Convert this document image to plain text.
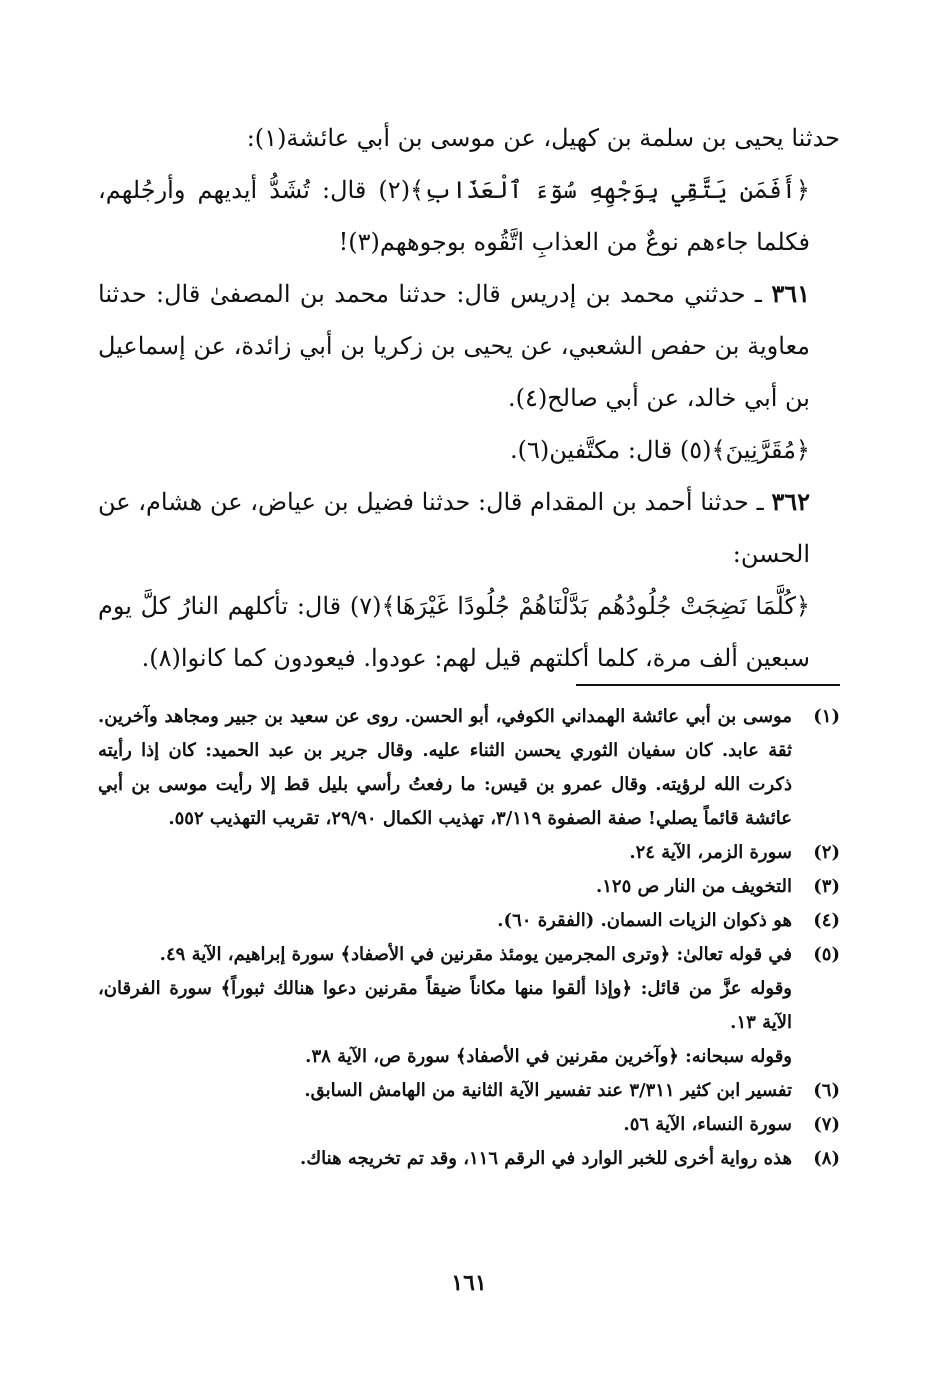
حدثنا يحيى بن سلمة بن كهيل، عن موسى بن أبي عائشة(١):

﴿أَفَمَن يَتَّقِي بِوَجْهِهِ سُوٓءَ ٱلْعَذَابِ﴾(٢) قال: تُشَدُّ أيديهم وأرجُلهم، فكلما جاءهم نوعٌ من العذابِ اتَّقُوه بوجوههم(٣)!

٣٦١ ـ حدثني محمد بن إدريس قال: حدثنا محمد بن المصفىٰ قال: حدثنا معاوية بن حفص الشعبي، عن يحيى بن زكريا بن أبي زائدة، عن إسماعيل بن أبي خالد، عن أبي صالح(٤).

﴿مُقَرَّنِينَ﴾(٥) قال: مكتَّفين(٦).

٣٦٢ ـ حدثنا أحمد بن المقدام قال: حدثنا فضيل بن عياض، عن هشام، عن الحسن:

﴿كُلَّمَا نَضِجَتْ جُلُودُهُم بَدَّلْنَاهُمْ جُلُودًا غَيْرَهَا﴾(٧) قال: تأكلهم النارُ كلَّ يوم سبعين ألف مرة، كلما أكلتهم قيل لهم: عودوا. فيعودون كما كانوا(٨).

(١)
موسى بن أبي عائشة الهمداني الكوفي، أبو الحسن. روى عن سعيد بن جبير ومجاهد وآخرين. ثقة عابد. كان سفيان الثوري يحسن الثناء عليه. وقال جرير بن عبد الحميد: كان إذا رأيته ذكرت الله لرؤيته. وقال عمرو بن قيس: ما رفعتُ رأسي بليل قط إلا رأيت موسى بن أبي عائشة قائماً يصلي! صفة الصفوة ٣/١١٩، تهذيب الكمال ٢٩/٩٠، تقريب التهذيب ٥٥٢.
(٢)
سورة الزمر، الآية ٢٤.
(٣)
التخويف من النار ص ١٢٥.
(٤)
هو ذكوان الزيات السمان. (الفقرة ٦٠).
(٥)
في قوله تعالىٰ: ﴿وترى المجرمين يومئذ مقرنين في الأصفاد﴾ سورة إبراهيم، الآية ٤٩.
وقوله عزَّ من قائل: ﴿وإذا ألقوا منها مكاناً ضيقاً مقرنين دعوا هنالك ثبوراً﴾ سورة الفرقان، الآية ١٣.
وقوله سبحانه: ﴿وآخرين مقرنين في الأصفاد﴾ سورة ص، الآية ٣٨.
(٦)
تفسير ابن كثير ٣/٣١١ عند تفسير الآية الثانية من الهامش السابق.
(٧)
سورة النساء، الآية ٥٦.
(٨)
هذه رواية أخرى للخبر الوارد في الرقم ١١٦، وقد تم تخريجه هناك.
١٦١
